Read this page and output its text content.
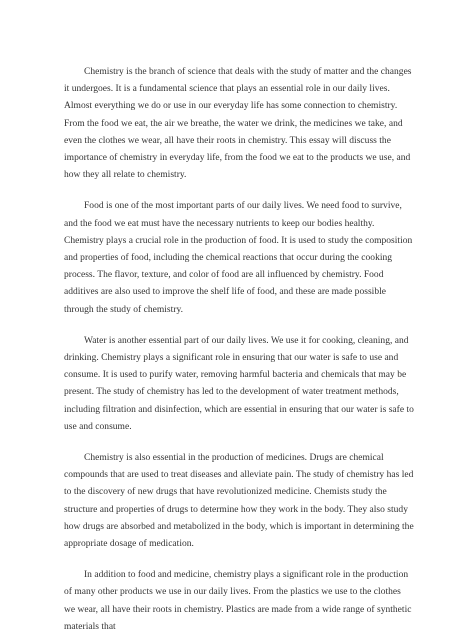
Chemistry is the branch of science that deals with the study of matter and the changes it undergoes. It is a fundamental science that plays an essential role in our daily lives. Almost everything we do or use in our everyday life has some connection to chemistry. From the food we eat, the air we breathe, the water we drink, the medicines we take, and even the clothes we wear, all have their roots in chemistry. This essay will discuss the importance of chemistry in everyday life, from the food we eat to the products we use, and how they all relate to chemistry.

Food is one of the most important parts of our daily lives. We need food to survive, and the food we eat must have the necessary nutrients to keep our bodies healthy. Chemistry plays a crucial role in the production of food. It is used to study the composition and properties of food, including the chemical reactions that occur during the cooking process. The flavor, texture, and color of food are all influenced by chemistry. Food additives are also used to improve the shelf life of food, and these are made possible through the study of chemistry.

Water is another essential part of our daily lives. We use it for cooking, cleaning, and drinking. Chemistry plays a significant role in ensuring that our water is safe to use and consume. It is used to purify water, removing harmful bacteria and chemicals that may be present. The study of chemistry has led to the development of water treatment methods, including filtration and disinfection, which are essential in ensuring that our water is safe to use and consume.

Chemistry is also essential in the production of medicines. Drugs are chemical compounds that are used to treat diseases and alleviate pain. The study of chemistry has led to the discovery of new drugs that have revolutionized medicine. Chemists study the structure and properties of drugs to determine how they work in the body. They also study how drugs are absorbed and metabolized in the body, which is important in determining the appropriate dosage of medication.

In addition to food and medicine, chemistry plays a significant role in the production of many other products we use in our daily lives. From the plastics we use to the clothes we wear, all have their roots in chemistry. Plastics are made from a wide range of synthetic materials that
